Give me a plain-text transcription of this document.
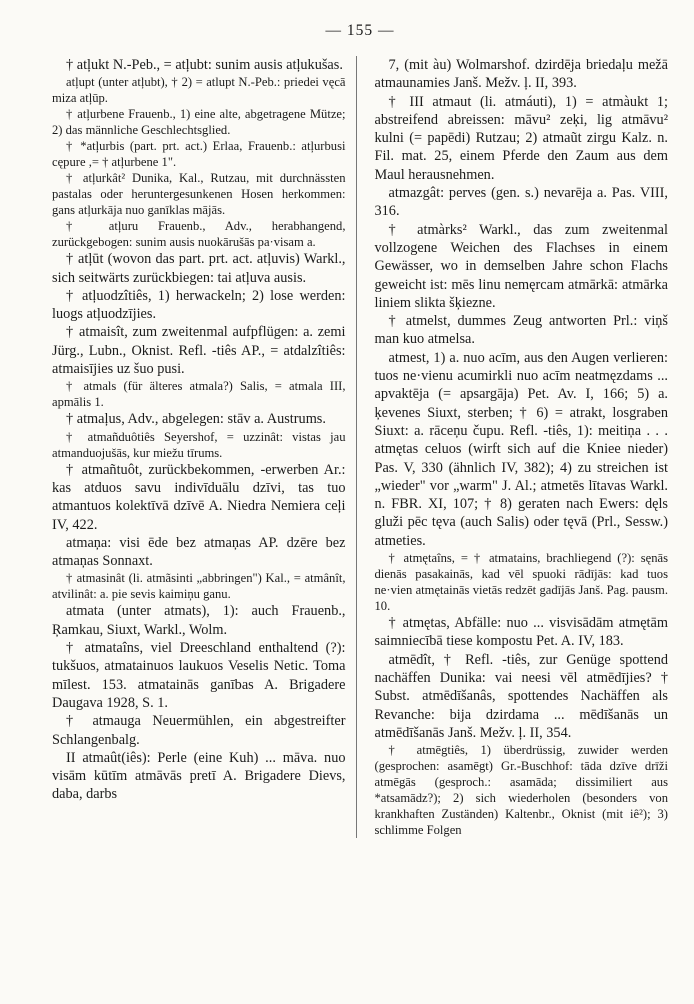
— 155 —

† atļukt N.-Peb., = atļubt: sunim ausis atļukušas.

atļupt (unter atļubt), † 2) = atlupt N.-Peb.: priedei vęcā miza atļūp.

† atļurbene Frauenb., 1) eine alte, abgetragene Mütze; 2) das männliche Geschlechtsglied.

† *atļurbis (part. prt. act.) Erlaa, Frauenb.: atļurbusi cępure ,= † atļurbene 1".

† atļurkât² Dunika, Kal., Rutzau, mit durchnässten pastalas oder heruntergesunkenen Hosen herkommen: gans atļurkāja nuo ganīklas mājās.

† atļuru Frauenb., Adv., herabhangend, zurückgebogen: sunim ausis nuokārušās pa·visam a.

† atļūt (wovon das part. prt. act. atļuvis) Warkl., sich seitwärts zurückbiegen: tai atļuva ausis.

† atļuodzîtiês, 1) herwackeln; 2) lose werden: luogs atļuodzījies.

† atmaisît, zum zweitenmal aufpflügen: a. zemi Jürg., Lubn., Oknist. Refl. -tiês AP., = atdalzîtiês: atmaisījies uz šuo pusi.

† atmals (für älteres atmala?) Salis, = atmala III, apmālis 1.

† atmaļus, Adv., abgelegen: stāv a. Austrums.

† atmañduôtiês Seyershof, = uzzinât: vistas jau atmanduojušās, kur miežu tīrums.

† atmañtuôt, zurückbekommen, -erwerben Ar.: kas atduos savu indivīduālu dzīvi, tas tuo atmantuos kolektīvā dzīvē A. Niedra Nemiera ceļi IV, 422.

atmaņa: visi ēde bez atmaņas AP. dzēre bez atmaņas Sonnaxt.

† atmasinât (li. atmãsinti „abbringen") Kal., = atmânît, atvilinât: a. pie sevis kaimiņu ganu.

atmata (unter atmats), 1): auch Frauenb., Ŗamkau, Siuxt, Warkl., Wolm.

† atmataîns, viel Dreeschland enthaltend (?): tukšuos, atmatainuos laukuos Veselis Netic. Toma mīlest. 153. atmatainās ganības A. Brigadere Daugava 1928, S. 1.

† atmauga Neuermühlen, ein abgestreifter Schlangenbalg.

II atmaût(iês): Perle (eine Kuh) ... māva. nuo visām kūtīm atmāvās pretī A. Brigadere Dievs, daba, darbs

7, (mit àu) Wolmarshof. dzirdēja briedaļu mežā atmaunamies Janš. Mežv. ļ. II, 393.

† III atmaut (li. atmáuti), 1) = atmàukt 1; abstreifend abreissen: māvu² zeķi, lig atmāvu² kulni (= papēdi) Rutzau; 2) atmaũt zirgu Kalz. n. Fil. mat. 25, einem Pferde den Zaum aus dem Maul herausnehmen.

atmazgât: perves (gen. s.) nevarēja a. Pas. VIII, 316.

† atmàrks² Warkl., das zum zweitenmal vollzogene Weichen des Flachses in einem Gewässer, wo in demselben Jahre schon Flachs geweicht ist: mēs linu nemęrcam atmārkā: atmārka liniem slikta šķiezne.

† atmelst, dummes Zeug antworten Prl.: viņš man kuo atmelsa.

atmest, 1) a. nuo acīm, aus den Augen verlieren: tuos ne·vienu acumirkli nuo acīm neatmęzdams ... apvaktēja (= apsargāja) Pet. Av. I, 166; 5) a. ķevenes Siuxt, sterben; † 6) = atrakt, losgraben Siuxt: a. rāceņu čupu. Refl. -tiês, 1): meitiņa . . . atmętas celuos (wirft sich auf die Kniee nieder) Pas. V, 330 (ähnlich IV, 382); 4) zu streichen ist „wieder" vor „warm" J. Al.; atmetēs lītavas Warkl. n. FBR. XI, 107; † 8) geraten nach Ewers: dęls gluži pēc tęva (auch Salis) oder tęvā (Prl., Sessw.) atmeties.

† atmętaîns, = † atmatains, brachliegend (?): sęnās dienās pasakainās, kad vēl spuoki rādījās: kad tuos ne·vien atmętainās vietās redzēt gadījās Janš. Pag. pausm. 10.

† atmętas, Abfälle: nuo ... visvisādām atmętām saimniecībā tiese kompostu Pet. A. IV, 183.

atmēdît, † Refl. -tiês, zur Genüge spottend nachäffen Dunika: vai neesi vēl atmēdījies? † Subst. atmēdīšanâs, spottendes Nachäffen als Revanche: bija dzirdama ... mēdīšanās un atmēdīšanās Janš. Mežv. ļ. II, 354.

† atmēgtiês, 1) überdrüssig, zuwider werden (gesprochen: asamēgt) Gr.-Buschhof: tāda dzīve drīži atmēgās (gesproch.: asamāda; dissimiliert aus *atsamādz?); 2) sich wiederholen (besonders von krankhaften Zuständen) Kaltenbr., Oknist (mit iê²); 3) schlimme Folgen
